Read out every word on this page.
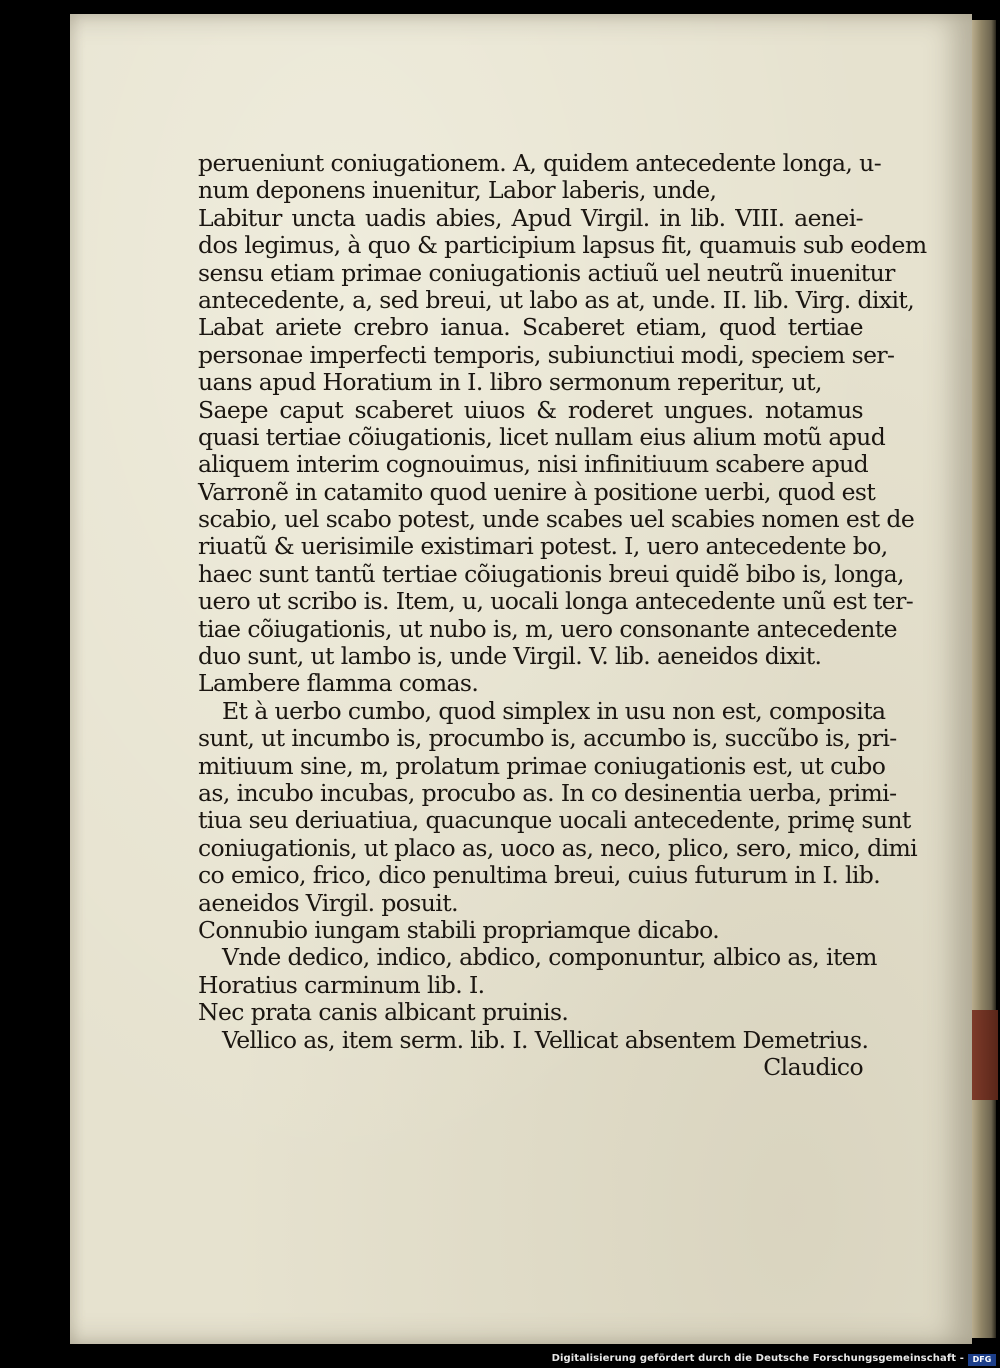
perueniunt coniugationem. A, quidem antecedente longa, u-
num deponens inuenitur, Labor laberis, unde,
Labitur uncta uadis abies, Apud Virgil. in lib. VIII. aenei-
dos legimus, à quo & participium lapsus fit, quamuis sub eodem
sensu etiam primae coniugationis actiuũ uel neutrũ inuenitur
antecedente, a, sed breui, ut labo as at, unde. II. lib. Virg. dixit,
Labat ariete crebro ianua. Scaberet etiam, quod tertiae
personae imperfecti temporis, subiunctiui modi, speciem ser-
uans apud Horatium in I. libro sermonum reperitur, ut,
Saepe caput scaberet uiuos & roderet ungues. notamus
quasi tertiae cõiugationis, licet nullam eius alium motũ apud
aliquem interim cognouimus, nisi infinitiuum scabere apud
Varronẽ in catamito quod uenire à positione uerbi, quod est
scabio, uel scabo potest, unde scabes uel scabies nomen est de
riuatũ & uerisimile existimari potest. I, uero antecedente bo,
haec sunt tantũ tertiae cõiugationis breui quidẽ bibo is, longa,
uero ut scribo is. Item, u, uocali longa antecedente unũ est ter-
tiae cõiugationis, ut nubo is, m, uero consonante antecedente
duo sunt, ut lambo is, unde Virgil. V. lib. aeneidos dixit.
Lambere flamma comas.
Et à uerbo cumbo, quod simplex in usu non est, composita
sunt, ut incumbo is, procumbo is, accumbo is, succũbo is, pri-
mitiuum sine, m, prolatum primae coniugationis est, ut cubo
as, incubo incubas, procubo as. In co desinentia uerba, primi-
tiua seu deriuatiua, quacunque uocali antecedente, primę sunt
coniugationis, ut placo as, uoco as, neco, plico, sero, mico, dimi
co emico, frico, dico penultima breui, cuius futurum in I. lib.
aeneidos Virgil. posuit.
Connubio iungam stabili propriamque dicabo.
Vnde dedico, indico, abdico, componuntur, albico as, item
Horatius carminum lib. I.
Nec prata canis albicant pruinis.
Vellico as, item serm. lib. I. Vellicat absentem Demetrius.
Claudico
Digitalisierung gefördert durch die Deutsche Forschungsgemeinschaft -	DFG
